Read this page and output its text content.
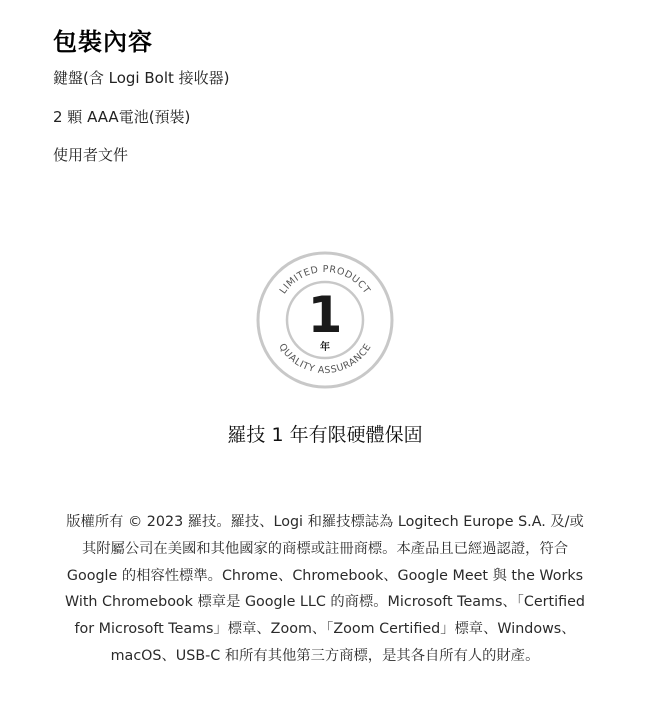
包裝內容
鍵盤(含 Logi Bolt 接收器)
2 顆 AAA電池(預裝)
使用者文件
LIMITED PRODUCT
QUALITY ASSURANCE
1
年

羅技 1 年有限硬體保固

版權所有 © 2023 羅技。羅技、Logi 和羅技標誌為 Logitech Europe S.A. 及/或
其附屬公司在美國和其他國家的商標或註冊商標。本產品且已經過認證，符合
Google 的相容性標準。Chrome、Chromebook、Google Meet 與 the Works
With Chromebook 標章是 Google LLC 的商標。Microsoft Teams、「Certified
for Microsoft Teams」標章、Zoom、「Zoom Certified」標章、Windows、
macOS、USB-C 和所有其他第三方商標，是其各自所有人的財產。
